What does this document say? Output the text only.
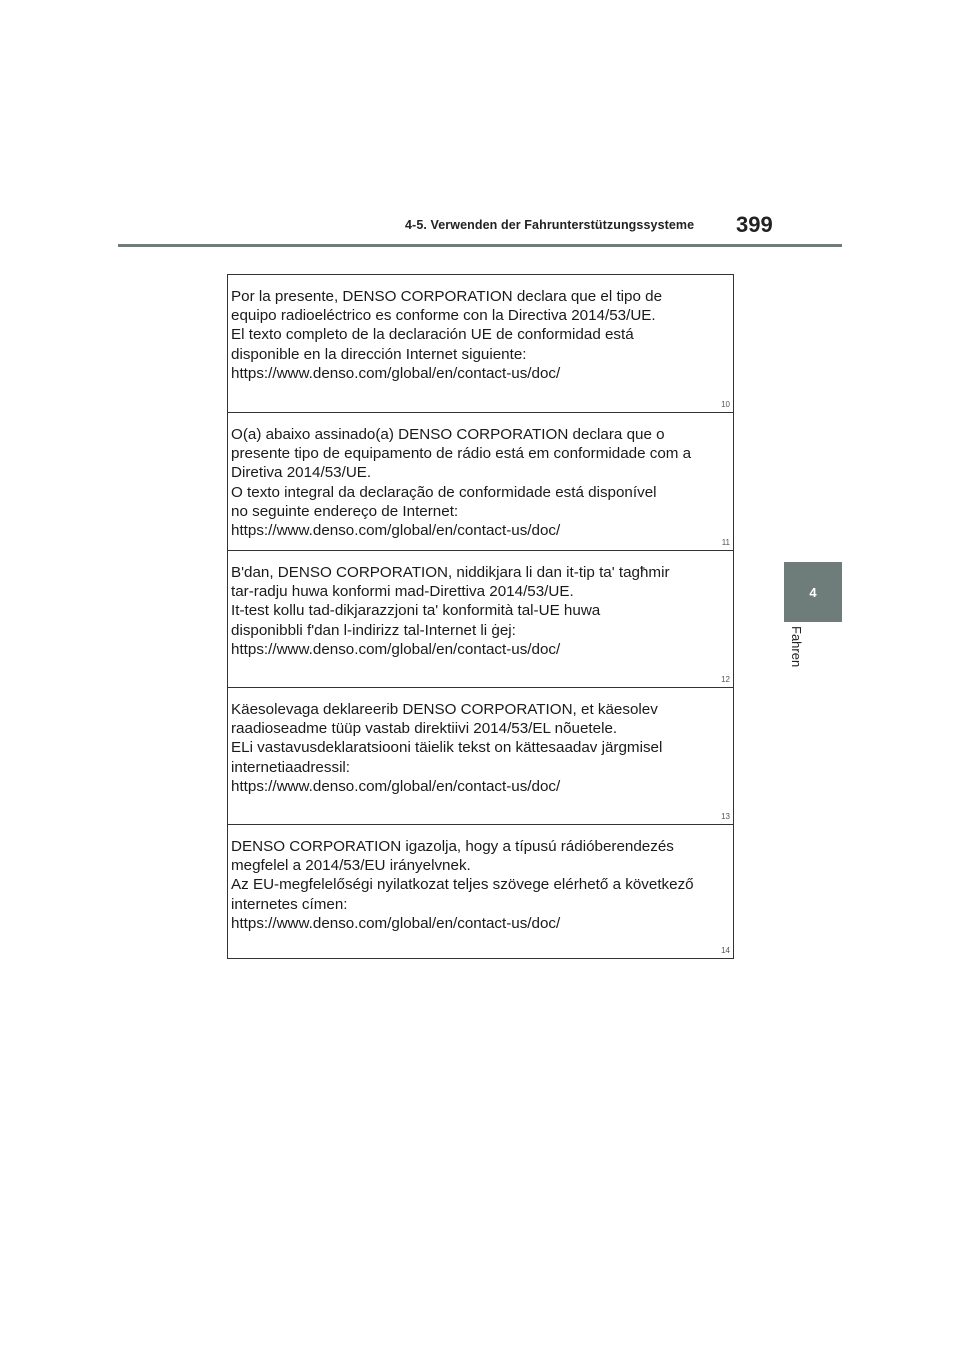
4-5. Verwenden der Fahrunterstützungssysteme 399
4
Fahren
Por la presente, DENSO CORPORATION declara que el tipo de
equipo radioeléctrico es conforme con la Directiva 2014/53/UE.
El texto completo de la declaración UE de conformidad está
disponible en la dirección Internet siguiente:
https://www.denso.com/global/en/contact-us/doc/
10
O(a) abaixo assinado(a) DENSO CORPORATION declara que o
presente tipo de equipamento de rádio está em conformidade com a
Diretiva 2014/53/UE.
O texto integral da declaração de conformidade está disponível
no seguinte endereço de Internet:
https://www.denso.com/global/en/contact-us/doc/
11
B'dan, DENSO CORPORATION, niddikjara li dan it-tip ta' tagħmir
tar-radju huwa konformi mad-Direttiva 2014/53/UE.
It-test kollu tad-dikjarazzjoni ta' konformità tal-UE huwa
disponibbli f'dan l-indirizz tal-Internet li ġej:
https://www.denso.com/global/en/contact-us/doc/
12
Käesolevaga deklareerib DENSO CORPORATION, et käesolev
raadioseadme tüüp vastab direktiivi 2014/53/EL nõuetele.
ELi vastavusdeklaratsiooni täielik tekst on kättesaadav järgmisel
internetiaadressil:
https://www.denso.com/global/en/contact-us/doc/
13
DENSO CORPORATION igazolja, hogy a típusú rádióberendezés
megfelel a 2014/53/EU irányelvnek.
Az EU-megfelelőségi nyilatkozat teljes szövege elérhető a következő
internetes címen:
https://www.denso.com/global/en/contact-us/doc/
14
